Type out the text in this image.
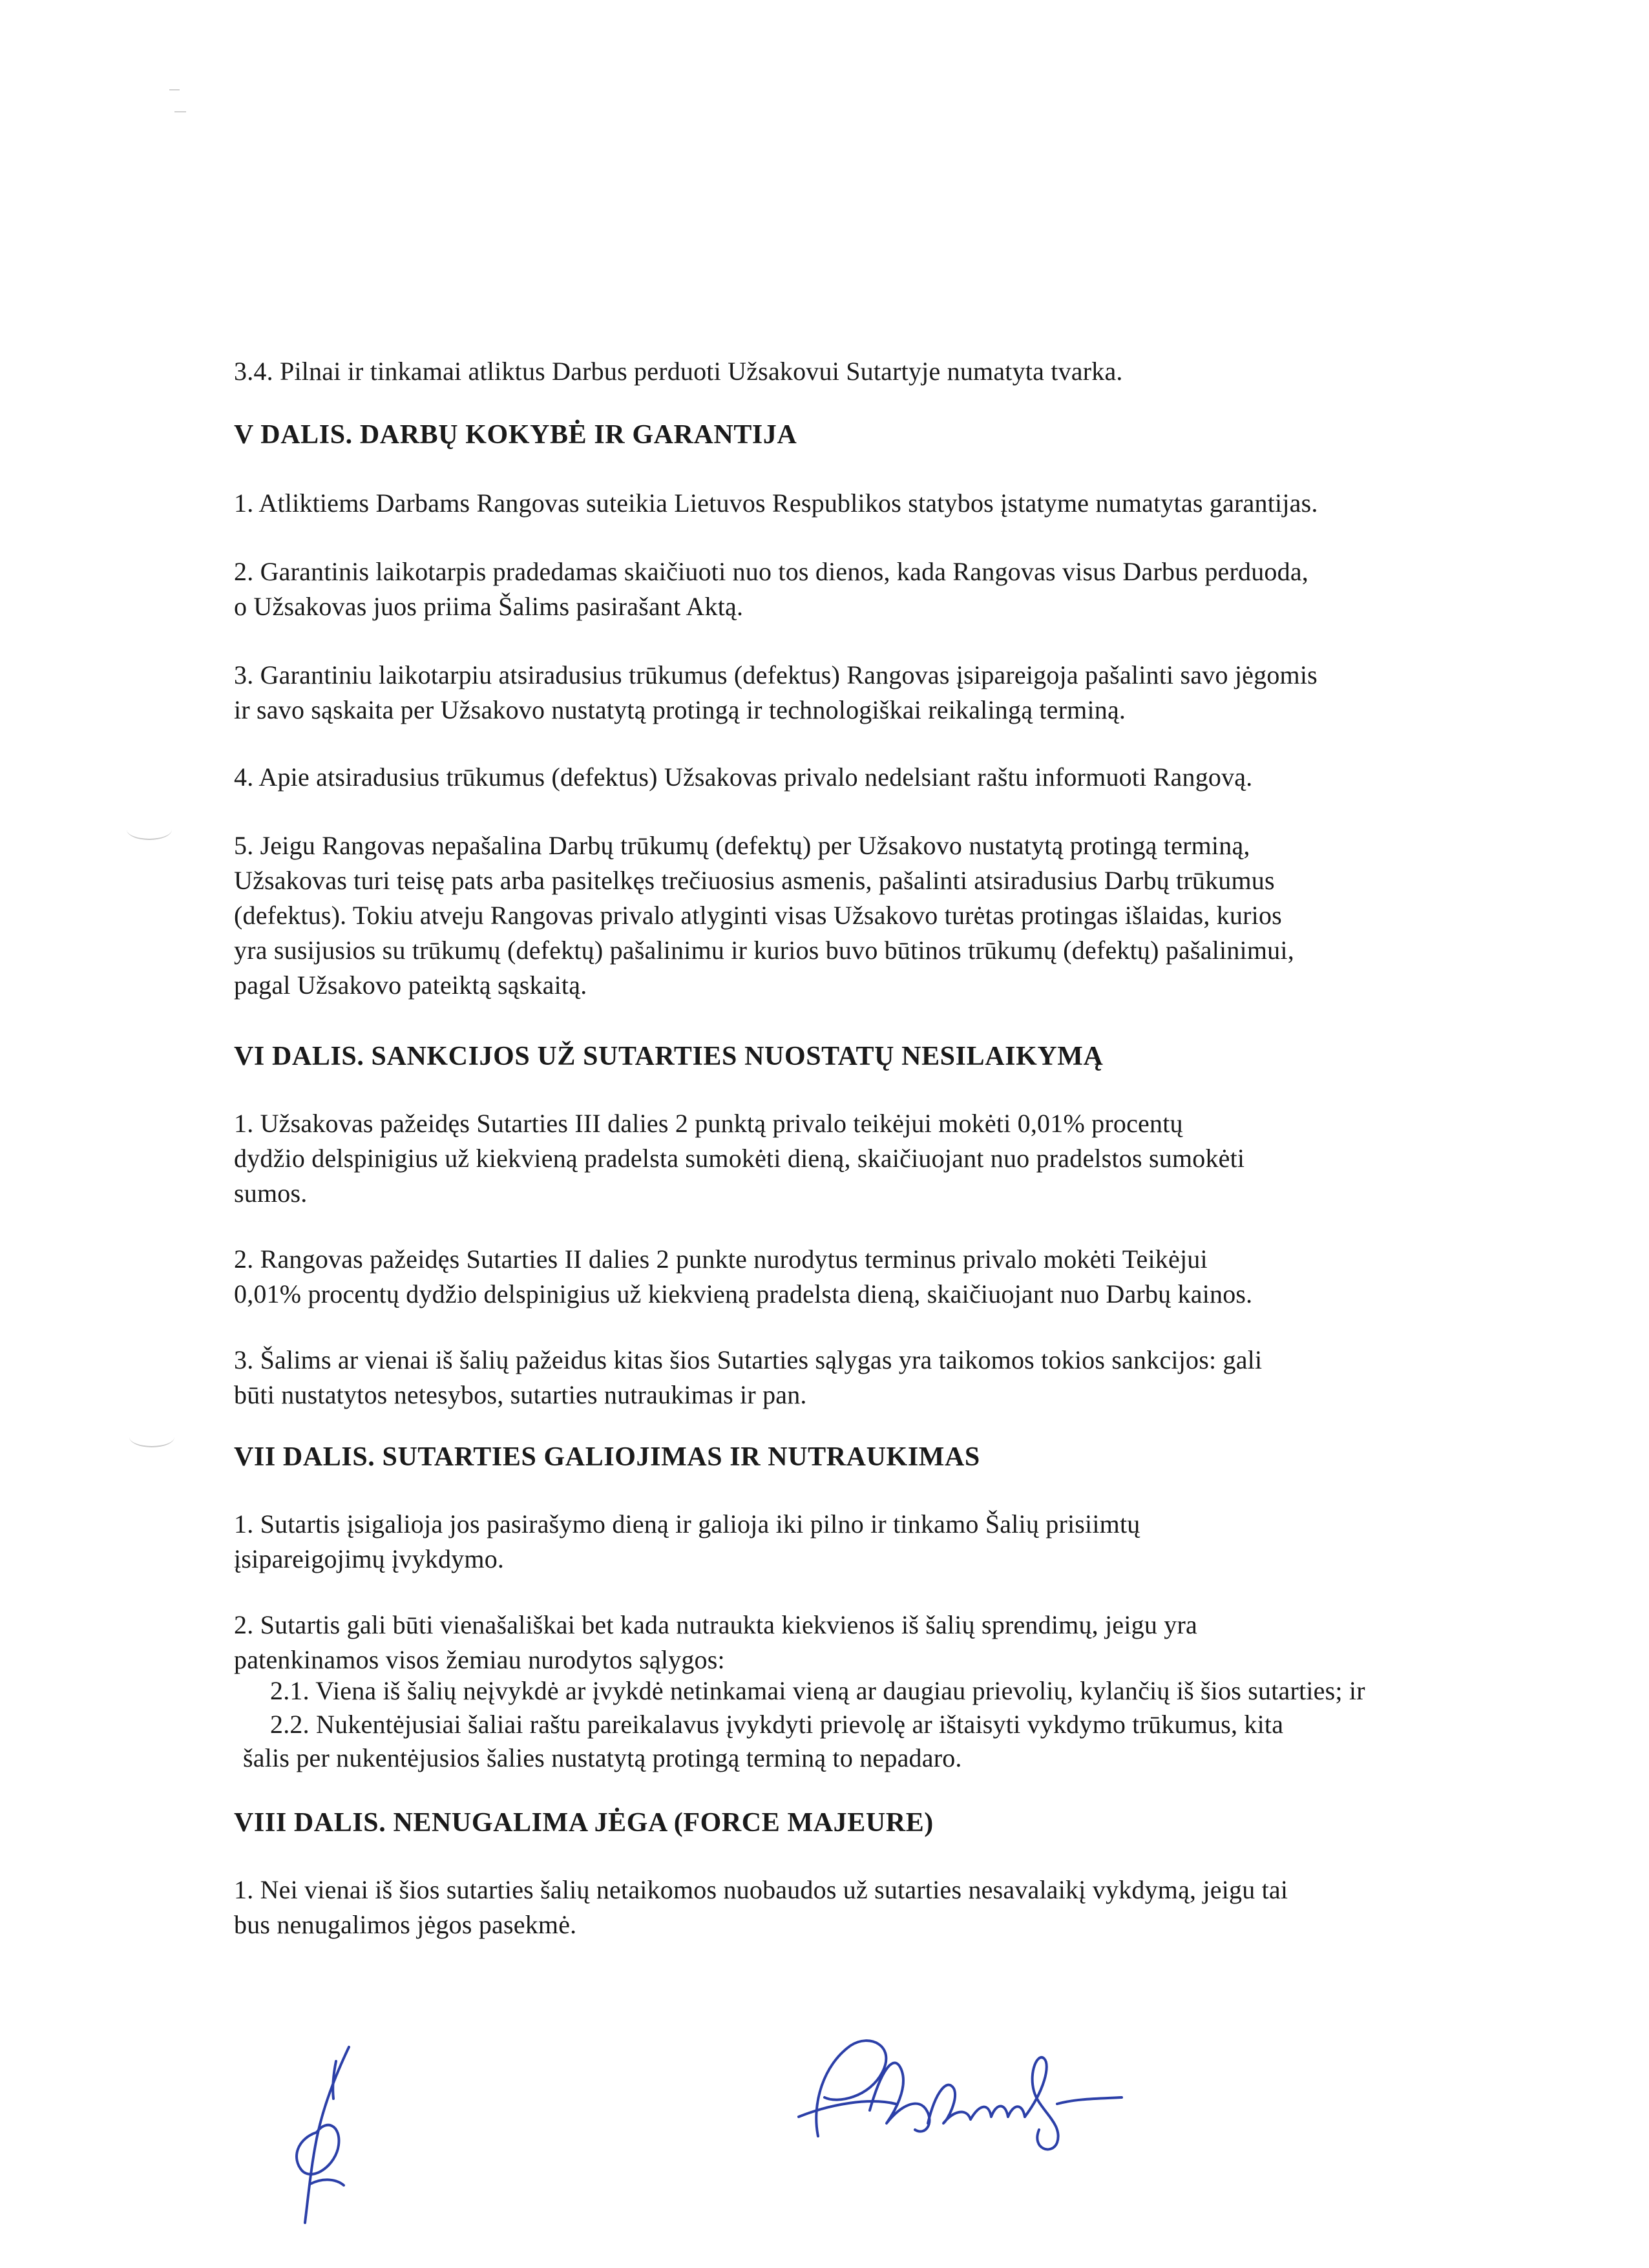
3.4. Pilnai ir tinkamai atliktus Darbus perduoti Užsakovui Sutartyje numatyta tvarka.

V DALIS. DARBŲ KOKYBĖ IR GARANTIJA

1. Atliktiems Darbams Rangovas suteikia Lietuvos Respublikos statybos įstatyme numatytas garantijas.

2. Garantinis laikotarpis pradedamas skaičiuoti nuo tos dienos, kada Rangovas visus Darbus perduoda,
o Užsakovas juos priima Šalims pasirašant Aktą.

3. Garantiniu laikotarpiu atsiradusius trūkumus (defektus) Rangovas įsipareigoja pašalinti savo jėgomis
ir savo sąskaita per Užsakovo nustatytą protingą ir technologiškai reikalingą terminą.

4. Apie atsiradusius trūkumus (defektus) Užsakovas privalo nedelsiant raštu informuoti Rangovą.

5. Jeigu Rangovas nepašalina Darbų trūkumų (defektų) per Užsakovo nustatytą protingą terminą,
Užsakovas turi teisę pats arba pasitelkęs trečiuosius asmenis, pašalinti atsiradusius Darbų trūkumus
(defektus). Tokiu atveju Rangovas privalo atlyginti visas Užsakovo turėtas protingas išlaidas, kurios
yra susijusios su trūkumų (defektų) pašalinimu ir kurios buvo būtinos trūkumų (defektų) pašalinimui,
pagal Užsakovo pateiktą sąskaitą.

VI DALIS. SANKCIJOS UŽ SUTARTIES NUOSTATŲ NESILAIKYMĄ

1. Užsakovas pažeidęs Sutarties III dalies 2 punktą privalo teikėjui mokėti 0,01% procentų
dydžio delspinigius už kiekvieną pradelsta sumokėti dieną, skaičiuojant nuo pradelstos sumokėti
sumos.

2. Rangovas pažeidęs Sutarties II dalies 2 punkte nurodytus terminus privalo mokėti Teikėjui
0,01% procentų dydžio delspinigius už kiekvieną pradelsta dieną, skaičiuojant nuo Darbų kainos.

3. Šalims ar vienai iš šalių pažeidus kitas šios Sutarties sąlygas yra taikomos tokios sankcijos: gali
būti nustatytos netesybos, sutarties nutraukimas ir pan.

VII DALIS. SUTARTIES GALIOJIMAS IR NUTRAUKIMAS

1. Sutartis įsigalioja jos pasirašymo dieną ir galioja iki pilno ir tinkamo Šalių prisiimtų
įsipareigojimų įvykdymo.

2. Sutartis gali būti vienašališkai bet kada nutraukta kiekvienos iš šalių sprendimų, jeigu yra
patenkinamos visos žemiau nurodytos sąlygos:

2.1. Viena iš šalių neįvykdė ar įvykdė netinkamai vieną ar daugiau prievolių, kylančių iš šios sutarties; ir

2.2. Nukentėjusiai šaliai raštu pareikalavus įvykdyti prievolę ar ištaisyti vykdymo trūkumus, kita

šalis per nukentėjusios šalies nustatytą protingą terminą to nepadaro.

VIII DALIS. NENUGALIMA JĖGA (FORCE MAJEURE)

1. Nei vienai iš šios sutarties šalių netaikomos nuobaudos už sutarties nesavalaikį vykdymą, jeigu tai
bus nenugalimos jėgos pasekmė.
